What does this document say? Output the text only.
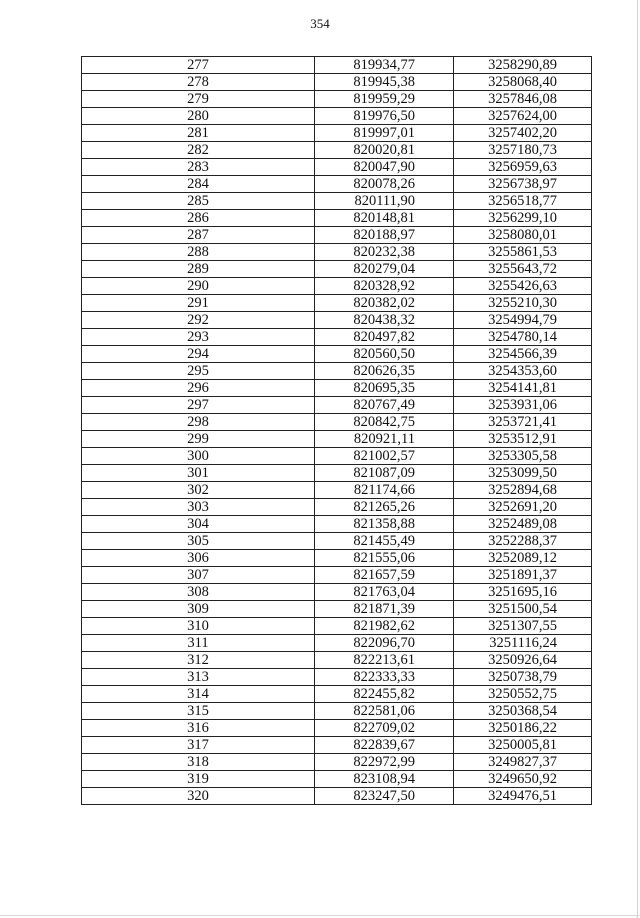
354
277	819934,77	3258290,89
278	819945,38	3258068,40
279	819959,29	3257846,08
280	819976,50	3257624,00
281	819997,01	3257402,20
282	820020,81	3257180,73
283	820047,90	3256959,63
284	820078,26	3256738,97
285	820111,90	3256518,77
286	820148,81	3256299,10
287	820188,97	3258080,01
288	820232,38	3255861,53
289	820279,04	3255643,72
290	820328,92	3255426,63
291	820382,02	3255210,30
292	820438,32	3254994,79
293	820497,82	3254780,14
294	820560,50	3254566,39
295	820626,35	3254353,60
296	820695,35	3254141,81
297	820767,49	3253931,06
298	820842,75	3253721,41
299	820921,11	3253512,91
300	821002,57	3253305,58
301	821087,09	3253099,50
302	821174,66	3252894,68
303	821265,26	3252691,20
304	821358,88	3252489,08
305	821455,49	3252288,37
306	821555,06	3252089,12
307	821657,59	3251891,37
308	821763,04	3251695,16
309	821871,39	3251500,54
310	821982,62	3251307,55
311	822096,70	3251116,24
312	822213,61	3250926,64
313	822333,33	3250738,79
314	822455,82	3250552,75
315	822581,06	3250368,54
316	822709,02	3250186,22
317	822839,67	3250005,81
318	822972,99	3249827,37
319	823108,94	3249650,92
320	823247,50	3249476,51
